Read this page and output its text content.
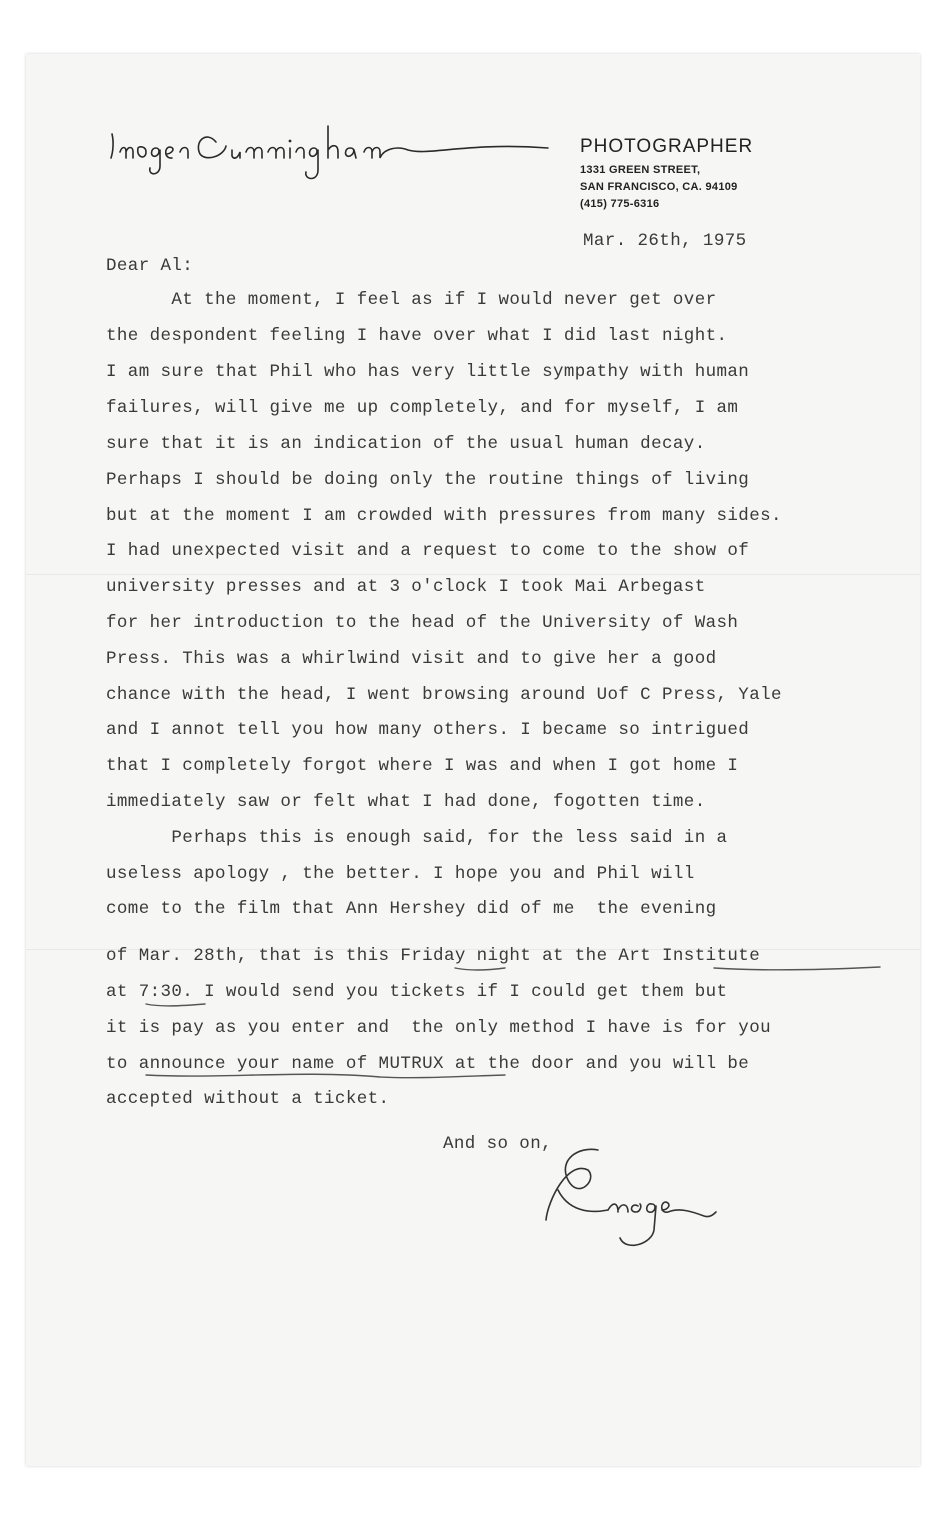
PHOTOGRAPHER
1331 GREEN STREET,
SAN FRANCISCO, CA. 94109
(415) 775-6316
Mar. 26th, 1975
Dear Al:
At the moment, I feel as if I would never get over
the despondent feeling I have over what I did last night.
I am sure that Phil who has very little sympathy with human
failures, will give me up completely, and for myself, I am
sure that it is an indication of the usual human decay.
Perhaps I should be doing only the routine things of living
but at the moment I am crowded with pressures from many sides.
I had unexpected visit and a request to come to the show of
university presses and at 3 o'clock I took Mai Arbegast
for her introduction to the head of the University of Wash
Press. This was a whirlwind visit and to give her a good
chance with the head, I went browsing around Uof C Press, Yale
and I annot tell you how many others. I became so intrigued
that I completely forgot where I was and when I got home I
immediately saw or felt what I had done, fogotten time.
Perhaps this is enough said, for the less said in a
useless apology , the better. I hope you and Phil will
come to the film that Ann Hershey did of me  the evening
of Mar. 28th, that is this Friday night at the Art Institute
at 7:30. I would send you tickets if I could get them but
it is pay as you enter and  the only method I have is for you
to announce your name of MUTRUX at the door and you will be
accepted without a ticket.
And so on,
